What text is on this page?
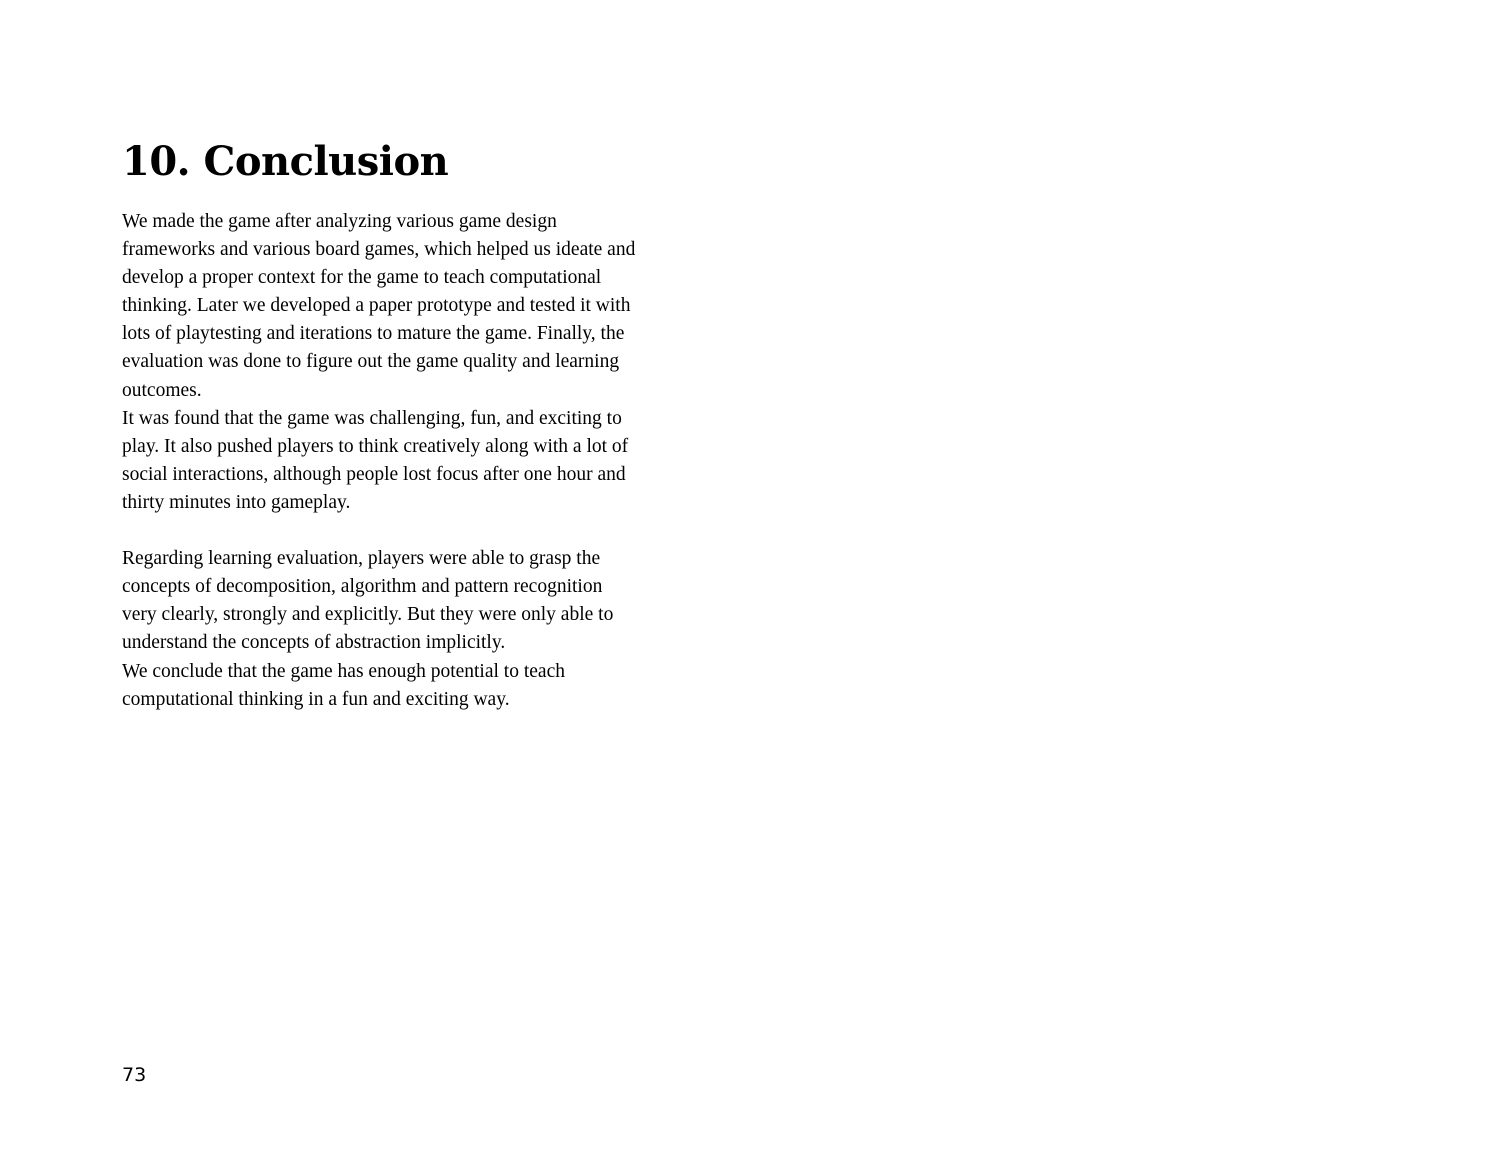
10. Conclusion
We made the game after analyzing various game design
frameworks and various board games, which helped us ideate and
develop a proper context for the game to teach computational
thinking. Later we developed a paper prototype and tested it with
lots of playtesting and iterations to mature the game. Finally, the
evaluation was done to figure out the game quality and learning
outcomes.
It was found that the game was challenging, fun, and exciting to
play. It also pushed players to think creatively along with a lot of
social interactions, although people lost focus after one hour and
thirty minutes into gameplay.
Regarding learning evaluation, players were able to grasp the
concepts of decomposition, algorithm and pattern recognition
very clearly, strongly and explicitly. But they were only able to
understand the concepts of abstraction implicitly.
We conclude that the game has enough potential to teach
computational thinking in a fun and exciting way.
73
